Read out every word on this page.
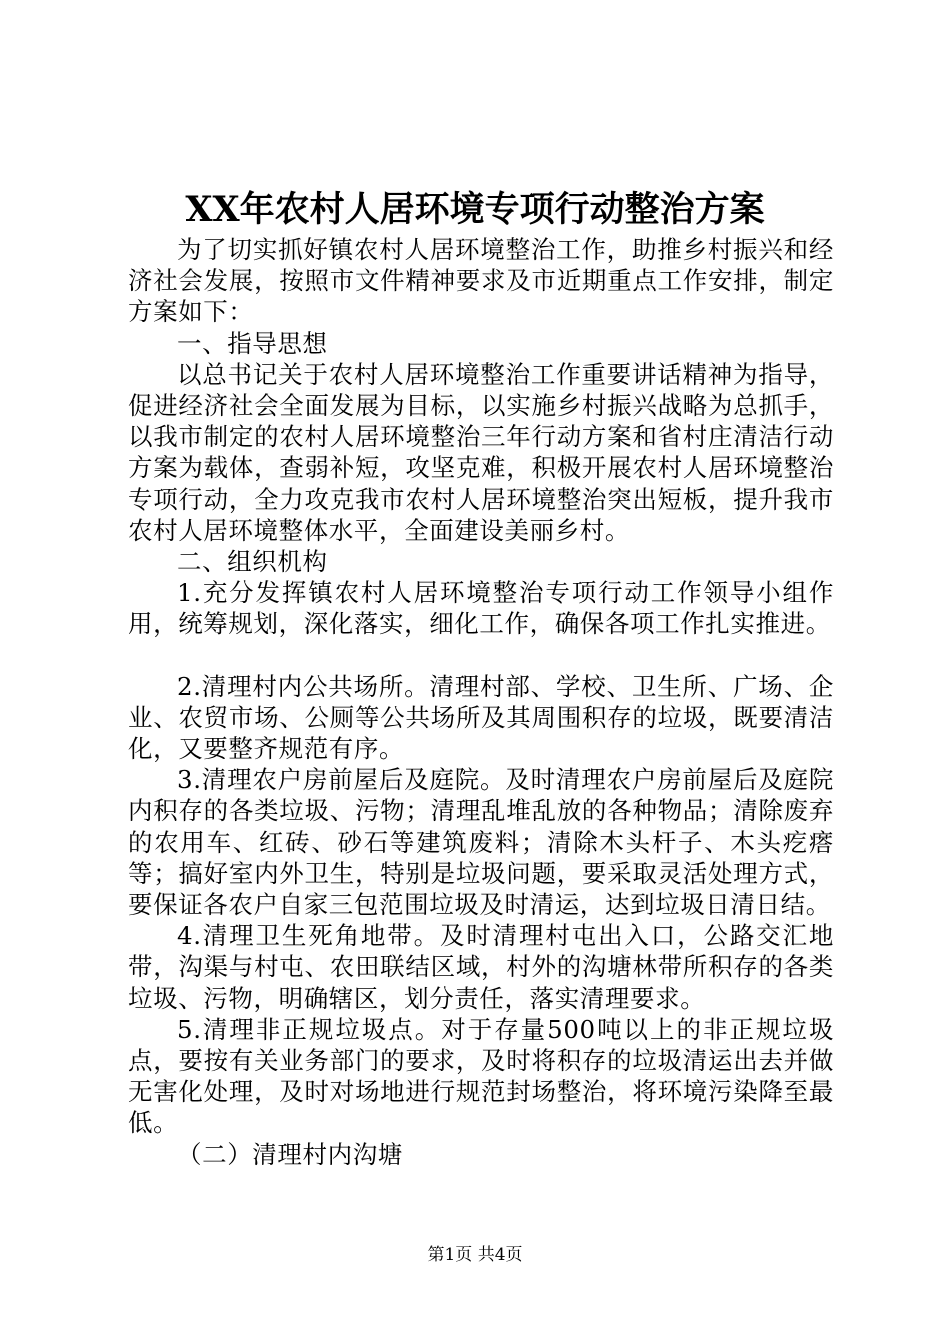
XX年农村人居环境专项行动整治方案

为了切实抓好镇农村人居环境整治工作，助推乡村振兴和经济社会发展，按照市文件精神要求及市近期重点工作安排，制定方案如下：

一、指导思想

以总书记关于农村人居环境整治工作重要讲话精神为指导，促进经济社会全面发展为目标，以实施乡村振兴战略为总抓手，以我市制定的农村人居环境整治三年行动方案和省村庄清洁行动方案为载体，查弱补短，攻坚克难，积极开展农村人居环境整治专项行动，全力攻克我市农村人居环境整治突出短板，提升我市农村人居环境整体水平，全面建设美丽乡村。

二、组织机构

1.充分发挥镇农村人居环境整治专项行动工作领导小组作用，统筹规划，深化落实，细化工作，确保各项工作扎实推进。

2.清理村内公共场所。清理村部、学校、卫生所、广场、企业、农贸市场、公厕等公共场所及其周围积存的垃圾，既要清洁化，又要整齐规范有序。

3.清理农户房前屋后及庭院。及时清理农户房前屋后及庭院内积存的各类垃圾、污物；清理乱堆乱放的各种物品；清除废弃的农用车、红砖、砂石等建筑废料；清除木头杆子、木头疙瘩等；搞好室内外卫生，特别是垃圾问题，要采取灵活处理方式，要保证各农户自家三包范围垃圾及时清运，达到垃圾日清日结。

4.清理卫生死角地带。及时清理村屯出入口，公路交汇地带，沟渠与村屯、农田联结区域，村外的沟塘林带所积存的各类垃圾、污物，明确辖区，划分责任，落实清理要求。

5.清理非正规垃圾点。对于存量500吨以上的非正规垃圾点，要按有关业务部门的要求，及时将积存的垃圾清运出去并做无害化处理，及时对场地进行规范封场整治，将环境污染降至最低。

（二）清理村内沟塘

第1页 共4页
